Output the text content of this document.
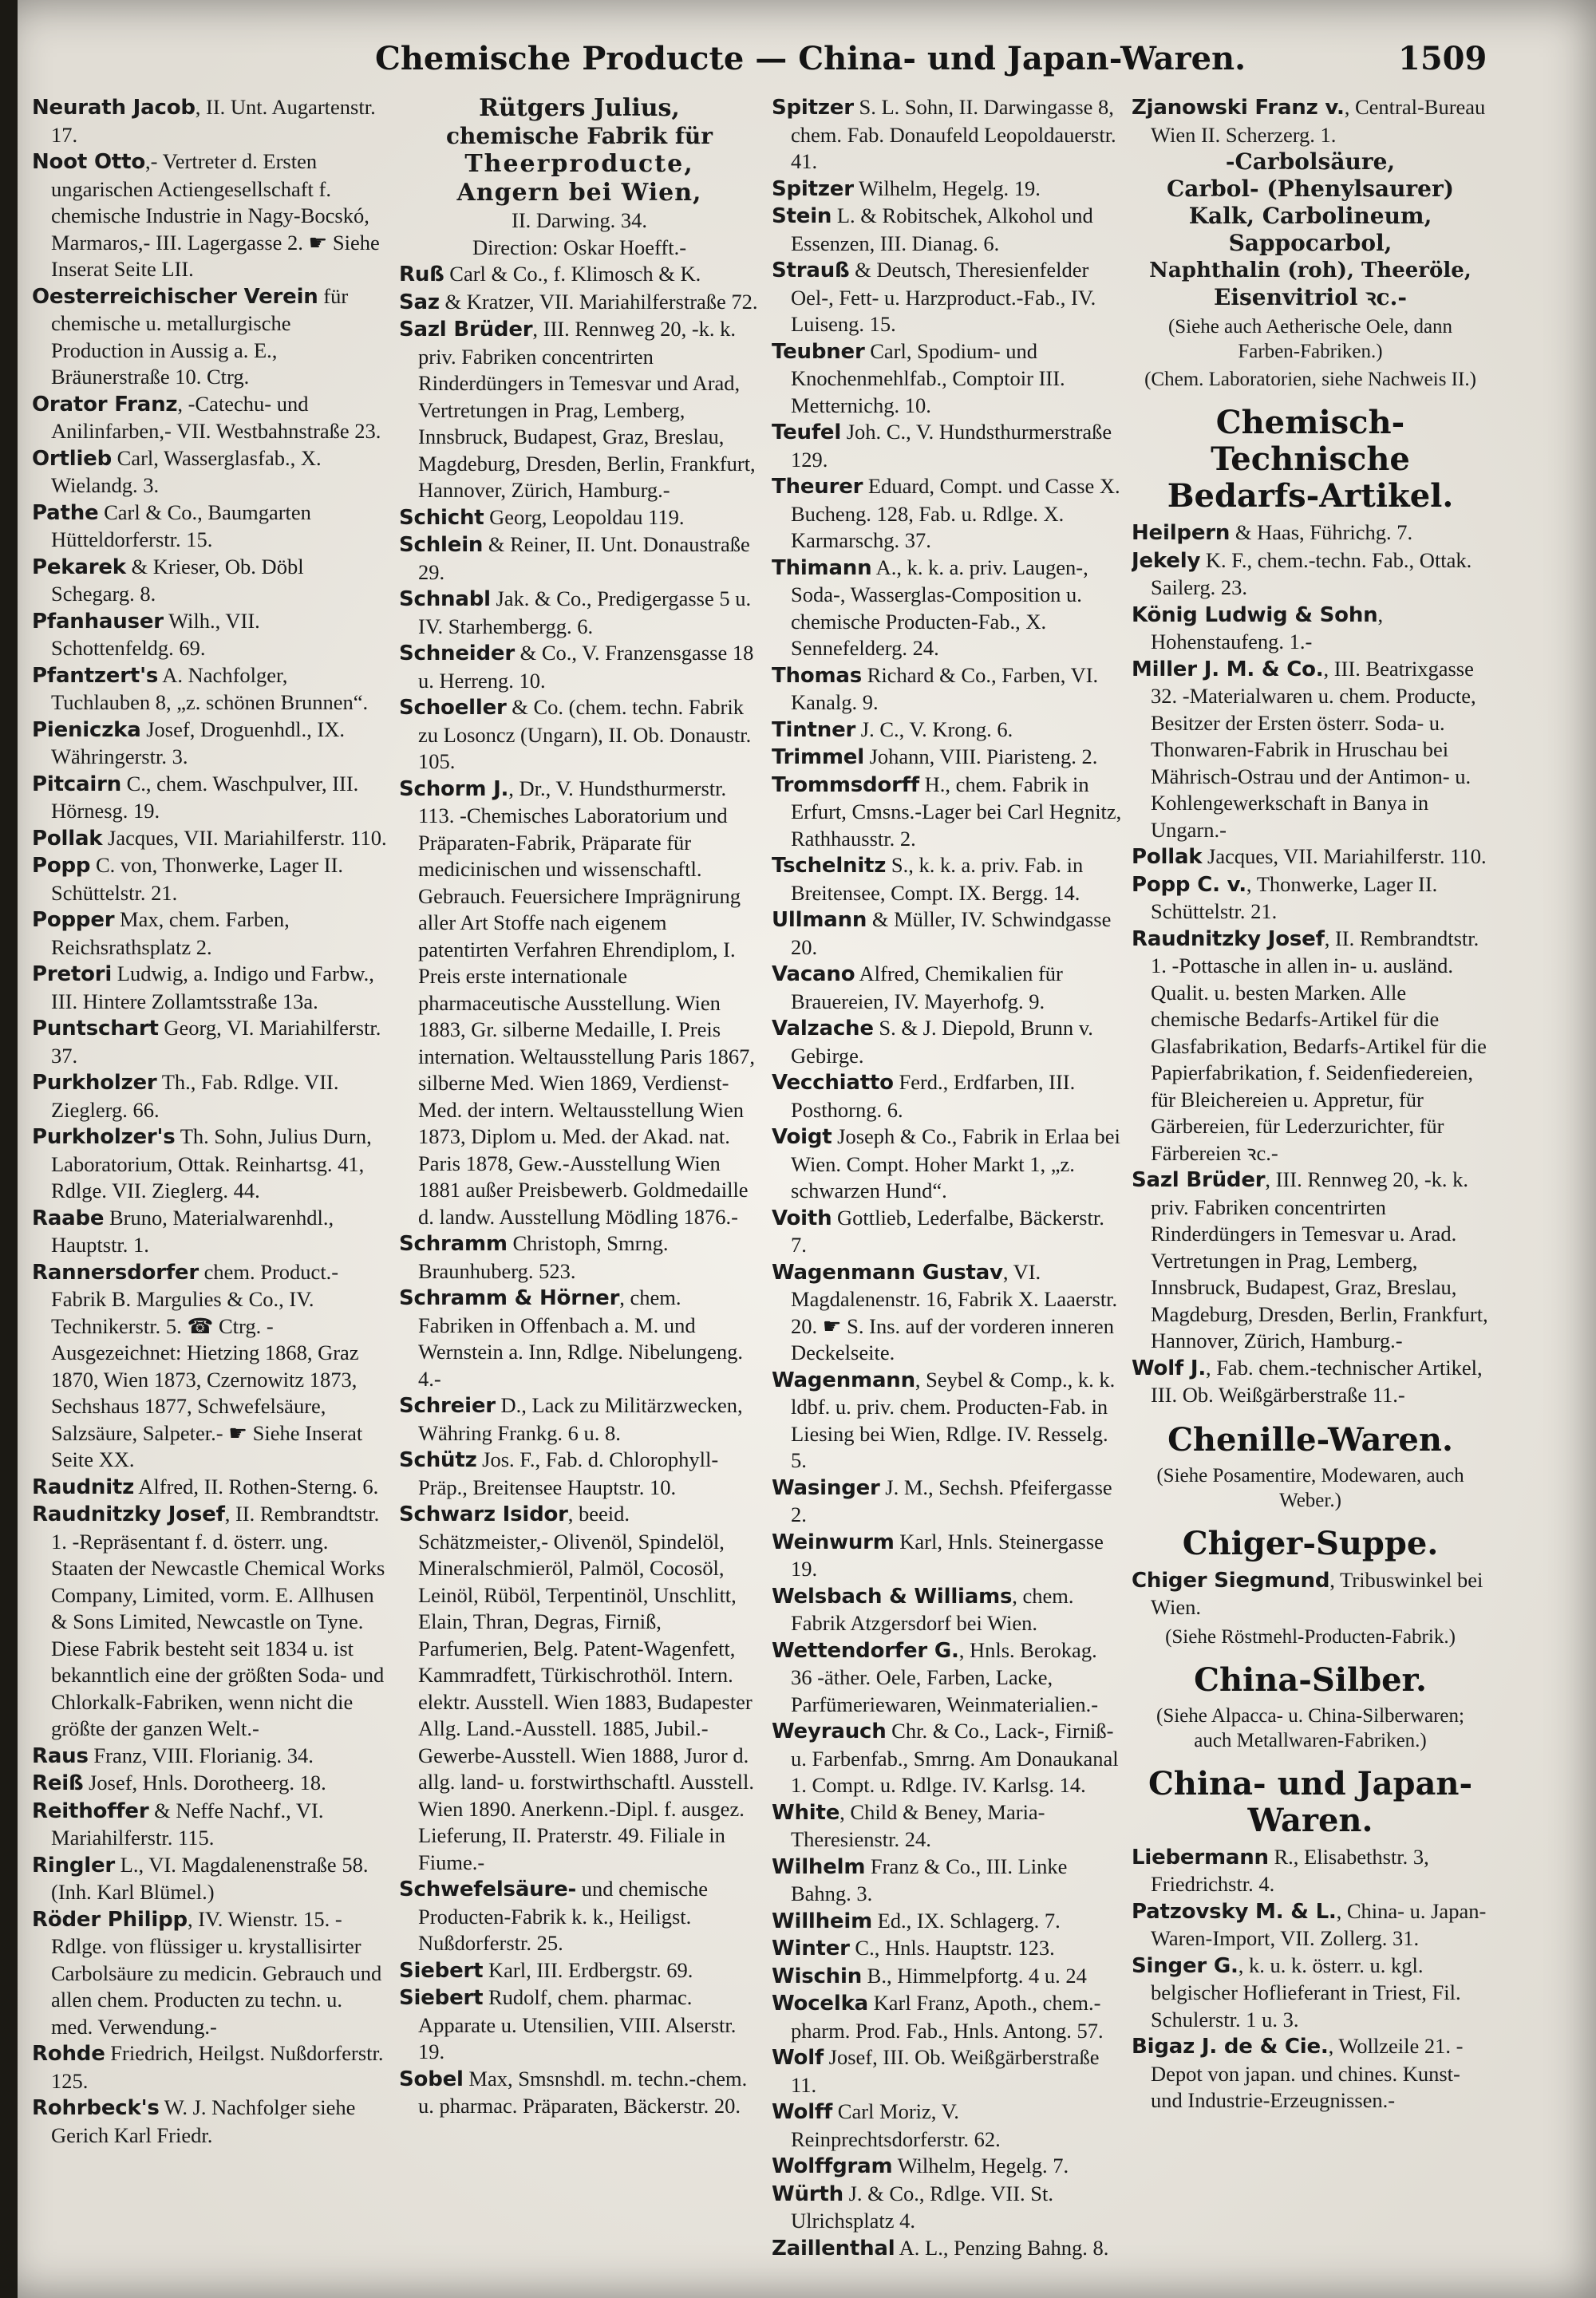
Chemische Producte — China- und Japan-Waren.	1509

Neurath Jacob, II. Unt. Augartenstr. 17.

Noot Otto,- Vertreter d. Ersten ungarischen Actiengesellschaft f. chemische Industrie in Nagy-Bocskó, Marmaros,- III. Lagergasse 2. ☛ Siehe Inserat Seite LII.

Oesterreichischer Verein für chemische u. metallurgische Production in Aussig a. E., Bräunerstraße 10. Ctrg.

Orator Franz, -Catechu- und Anilinfarben,- VII. Westbahnstraße 23.

Ortlieb Carl, Wasserglasfab., X. Wielandg. 3.

Pathe Carl & Co., Baumgarten Hütteldorferstr. 15.

Pekarek & Krieser, Ob. Döbl Schegarg. 8.

Pfanhauser Wilh., VII. Schottenfeldg. 69.

Pfantzert's A. Nachfolger, Tuchlauben 8, „z. schönen Brunnen“.

Pieniczka Josef, Droguenhdl., IX. Währingerstr. 3.

Pitcairn C., chem. Waschpulver, III. Hörnesg. 19.

Pollak Jacques, VII. Mariahilferstr. 110.

Popp C. von, Thonwerke, Lager II. Schüttelstr. 21.

Popper Max, chem. Farben, Reichsrathsplatz 2.

Pretori Ludwig, a. Indigo und Farbw., III. Hintere Zollamtsstraße 13a.

Puntschart Georg, VI. Mariahilferstr. 37.

Purkholzer Th., Fab. Rdlge. VII. Zieglerg. 66.

Purkholzer's Th. Sohn, Julius Durn, Laboratorium, Ottak. Reinhartsg. 41, Rdlge. VII. Zieglerg. 44.

Raabe Bruno, Materialwarenhdl., Hauptstr. 1.

Rannersdorfer chem. Product.-Fabrik B. Margulies & Co., IV. Technikerstr. 5. ☎ Ctrg. -Ausgezeichnet: Hietzing 1868, Graz 1870, Wien 1873, Czernowitz 1873, Sechshaus 1877, Schwefelsäure, Salzsäure, Salpeter.- ☛ Siehe Inserat Seite XX.

Raudnitz Alfred, II. Rothen-Sterng. 6.

Raudnitzky Josef, II. Rembrandtstr. 1. -Repräsentant f. d. österr. ung. Staaten der Newcastle Chemical Works Company, Limited, vorm. E. Allhusen & Sons Limited, Newcastle on Tyne. Diese Fabrik besteht seit 1834 u. ist bekanntlich eine der größten Soda- und Chlorkalk-Fabriken, wenn nicht die größte der ganzen Welt.-

Raus Franz, VIII. Florianig. 34.

Reiß Josef, Hnls. Dorotheerg. 18.

Reithoffer & Neffe Nachf., VI. Mariahilferstr. 115.

Ringler L., VI. Magdalenenstraße 58. (Inh. Karl Blümel.)

Röder Philipp, IV. Wienstr. 15. -Rdlge. von flüssiger u. krystallisirter Carbolsäure zu medicin. Gebrauch und allen chem. Producten zu techn. u. med. Verwendung.-

Rohde Friedrich, Heilgst. Nußdorferstr. 125.

Rohrbeck's W. J. Nachfolger siehe Gerich Karl Friedr.

Rütgers Julius,
chemische Fabrik für
Theerproducte,
Angern bei Wien,
II. Darwing. 34.
Direction: Oskar Hoefft.-

Ruß Carl & Co., f. Klimosch & K.

Saz & Kratzer, VII. Mariahilferstraße 72.

Sazl Brüder, III. Rennweg 20, -k. k. priv. Fabriken concentrirten Rinderdüngers in Temesvar und Arad, Vertretungen in Prag, Lemberg, Innsbruck, Budapest, Graz, Breslau, Magdeburg, Dresden, Berlin, Frankfurt, Hannover, Zürich, Hamburg.-

Schicht Georg, Leopoldau 119.

Schlein & Reiner, II. Unt. Donaustraße 29.

Schnabl Jak. & Co., Predigergasse 5 u. IV. Starhembergg. 6.

Schneider & Co., V. Franzensgasse 18 u. Herreng. 10.

Schoeller & Co. (chem. techn. Fabrik zu Losoncz (Ungarn), II. Ob. Donaustr. 105.

Schorm J., Dr., V. Hundsthurmerstr. 113. -Chemisches Laboratorium und Präparaten-Fabrik, Präparate für medicinischen und wissenschaftl. Gebrauch. Feuersichere Imprägnirung aller Art Stoffe nach eigenem patentirten Verfahren Ehrendiplom, I. Preis erste internationale pharmaceutische Ausstellung. Wien 1883, Gr. silberne Medaille, I. Preis internation. Weltausstellung Paris 1867, silberne Med. Wien 1869, Verdienst-Med. der intern. Weltausstellung Wien 1873, Diplom u. Med. der Akad. nat. Paris 1878, Gew.-Ausstellung Wien 1881 außer Preisbewerb. Goldmedaille d. landw. Ausstellung Mödling 1876.-

Schramm Christoph, Smrng. Braunhuberg. 523.

Schramm & Hörner, chem. Fabriken in Offenbach a. M. und Wernstein a. Inn, Rdlge. Nibelungeng. 4.-

Schreier D., Lack zu Militärzwecken, Währing Frankg. 6 u. 8.

Schütz Jos. F., Fab. d. Chlorophyll-Präp., Breitensee Hauptstr. 10.

Schwarz Isidor, beeid. Schätzmeister,- Olivenöl, Spindelöl, Mineralschmieröl, Palmöl, Cocosöl, Leinöl, Rüböl, Terpentinöl, Unschlitt, Elain, Thran, Degras, Firniß, Parfumerien, Belg. Patent-Wagenfett, Kammradfett, Türkischrothöl. Intern. elektr. Ausstell. Wien 1883, Budapester Allg. Land.-Ausstell. 1885, Jubil.-Gewerbe-Ausstell. Wien 1888, Juror d. allg. land- u. forstwirthschaftl. Ausstell. Wien 1890. Anerkenn.-Dipl. f. ausgez. Lieferung, II. Praterstr. 49. Filiale in Fiume.-

Schwefelsäure- und chemische Producten-Fabrik k. k., Heiligst. Nußdorferstr. 25.

Siebert Karl, III. Erdbergstr. 69.

Siebert Rudolf, chem. pharmac. Apparate u. Utensilien, VIII. Alserstr. 19.

Sobel Max, Smsnshdl. m. techn.-chem. u. pharmac. Präparaten, Bäckerstr. 20.

Spitzer S. L. Sohn, II. Darwingasse 8, chem. Fab. Donaufeld Leopoldauerstr. 41.

Spitzer Wilhelm, Hegelg. 19.

Stein L. & Robitschek, Alkohol und Essenzen, III. Dianag. 6.

Strauß & Deutsch, Theresienfelder Oel-, Fett- u. Harzproduct.-Fab., IV. Luiseng. 15.

Teubner Carl, Spodium- und Knochenmehlfab., Comptoir III. Metternichg. 10.

Teufel Joh. C., V. Hundsthurmerstraße 129.

Theurer Eduard, Compt. und Casse X. Bucheng. 128, Fab. u. Rdlge. X. Karmarschg. 37.

Thimann A., k. k. a. priv. Laugen-, Soda-, Wasserglas-Composition u. chemische Producten-Fab., X. Sennefelderg. 24.

Thomas Richard & Co., Farben, VI. Kanalg. 9.

Tintner J. C., V. Krong. 6.

Trimmel Johann, VIII. Piaristeng. 2.

Trommsdorff H., chem. Fabrik in Erfurt, Cmsns.-Lager bei Carl Hegnitz, Rathhausstr. 2.

Tschelnitz S., k. k. a. priv. Fab. in Breitensee, Compt. IX. Bergg. 14.

Ullmann & Müller, IV. Schwindgasse 20.

Vacano Alfred, Chemikalien für Brauereien, IV. Mayerhofg. 9.

Valzache S. & J. Diepold, Brunn v. Gebirge.

Vecchiatto Ferd., Erdfarben, III. Posthorng. 6.

Voigt Joseph & Co., Fabrik in Erlaa bei Wien. Compt. Hoher Markt 1, „z. schwarzen Hund“.

Voith Gottlieb, Lederfalbe, Bäckerstr. 7.

Wagenmann Gustav, VI. Magdalenenstr. 16, Fabrik X. Laaerstr. 20. ☛ S. Ins. auf der vorderen inneren Deckelseite.

Wagenmann, Seybel & Comp., k. k. ldbf. u. priv. chem. Producten-Fab. in Liesing bei Wien, Rdlge. IV. Resselg. 5.

Wasinger J. M., Sechsh. Pfeifergasse 2.

Weinwurm Karl, Hnls. Steinergasse 19.

Welsbach & Williams, chem. Fabrik Atzgersdorf bei Wien.

Wettendorfer G., Hnls. Berokag. 36 -äther. Oele, Farben, Lacke, Parfümeriewaren, Weinmaterialien.-

Weyrauch Chr. & Co., Lack-, Firniß- u. Farbenfab., Smrng. Am Donaukanal 1. Compt. u. Rdlge. IV. Karlsg. 14.

White, Child & Beney, Maria-Theresienstr. 24.

Wilhelm Franz & Co., III. Linke Bahng. 3.

Willheim Ed., IX. Schlagerg. 7.

Winter C., Hnls. Hauptstr. 123.

Wischin B., Himmelpfortg. 4 u. 24

Wocelka Karl Franz, Apoth., chem.-pharm. Prod. Fab., Hnls. Antong. 57.

Wolf Josef, III. Ob. Weißgärberstraße 11.

Wolff Carl Moriz, V. Reinprechtsdorferstr. 62.

Wolffgram Wilhelm, Hegelg. 7.

Würth J. & Co., Rdlge. VII. St. Ulrichsplatz 4.

Zaillenthal A. L., Penzing Bahng. 8.

Zjanowski Franz v., Central-Bureau Wien II. Scherzerg. 1.

-Carbolsäure,
Carbol- (Phenylsaurer)
Kalk, Carbolineum,
Sappocarbol,
Naphthalin (roh), Theeröle,
Eisenvitriol ꝛc.-
(Siehe auch Aetherische Oele, dann Farben-Fabriken.)
(Chem. Laboratorien, siehe Nachweis II.)
Chemisch-Technische Bedarfs-Artikel.

Heilpern & Haas, Führichg. 7.

Jekely K. F., chem.-techn. Fab., Ottak. Sailerg. 23.

König Ludwig & Sohn, Hohenstaufeng. 1.-

Miller J. M. & Co., III. Beatrixgasse 32. -Materialwaren u. chem. Producte, Besitzer der Ersten österr. Soda- u. Thonwaren-Fabrik in Hruschau bei Mährisch-Ostrau und der Antimon- u. Kohlengewerkschaft in Banya in Ungarn.-

Pollak Jacques, VII. Mariahilferstr. 110.

Popp C. v., Thonwerke, Lager II. Schüttelstr. 21.

Raudnitzky Josef, II. Rembrandtstr. 1. -Pottasche in allen in- u. ausländ. Qualit. u. besten Marken. Alle chemische Bedarfs-Artikel für die Glasfabrikation, Bedarfs-Artikel für die Papierfabrikation, f. Seidenfiedereien, für Bleichereien u. Appretur, für Gärbereien, für Lederzurichter, für Färbereien ꝛc.-

Sazl Brüder, III. Rennweg 20, -k. k. priv. Fabriken concentrirten Rinderdüngers in Temesvar u. Arad. Vertretungen in Prag, Lemberg, Innsbruck, Budapest, Graz, Breslau, Magdeburg, Dresden, Berlin, Frankfurt, Hannover, Zürich, Hamburg.-

Wolf J., Fab. chem.-technischer Artikel, III. Ob. Weißgärberstraße 11.-

Chenille-Waren.
(Siehe Posamentire, Modewaren, auch Weber.)
Chiger-Suppe.

Chiger Siegmund, Tribuswinkel bei Wien.

(Siehe Röstmehl-Producten-Fabrik.)
China-Silber.
(Siehe Alpacca- u. China-Silberwaren; auch Metallwaren-Fabriken.)
China- und Japan-Waren.

Liebermann R., Elisabethstr. 3, Friedrichstr. 4.

Patzovsky M. & L., China- u. Japan-Waren-Import, VII. Zollerg. 31.

Singer G., k. u. k. österr. u. kgl. belgischer Hoflieferant in Triest, Fil. Schulerstr. 1 u. 3.

Bigaz J. de & Cie., Wollzeile 21. -Depot von japan. und chines. Kunst- und Industrie-Erzeugnissen.-
